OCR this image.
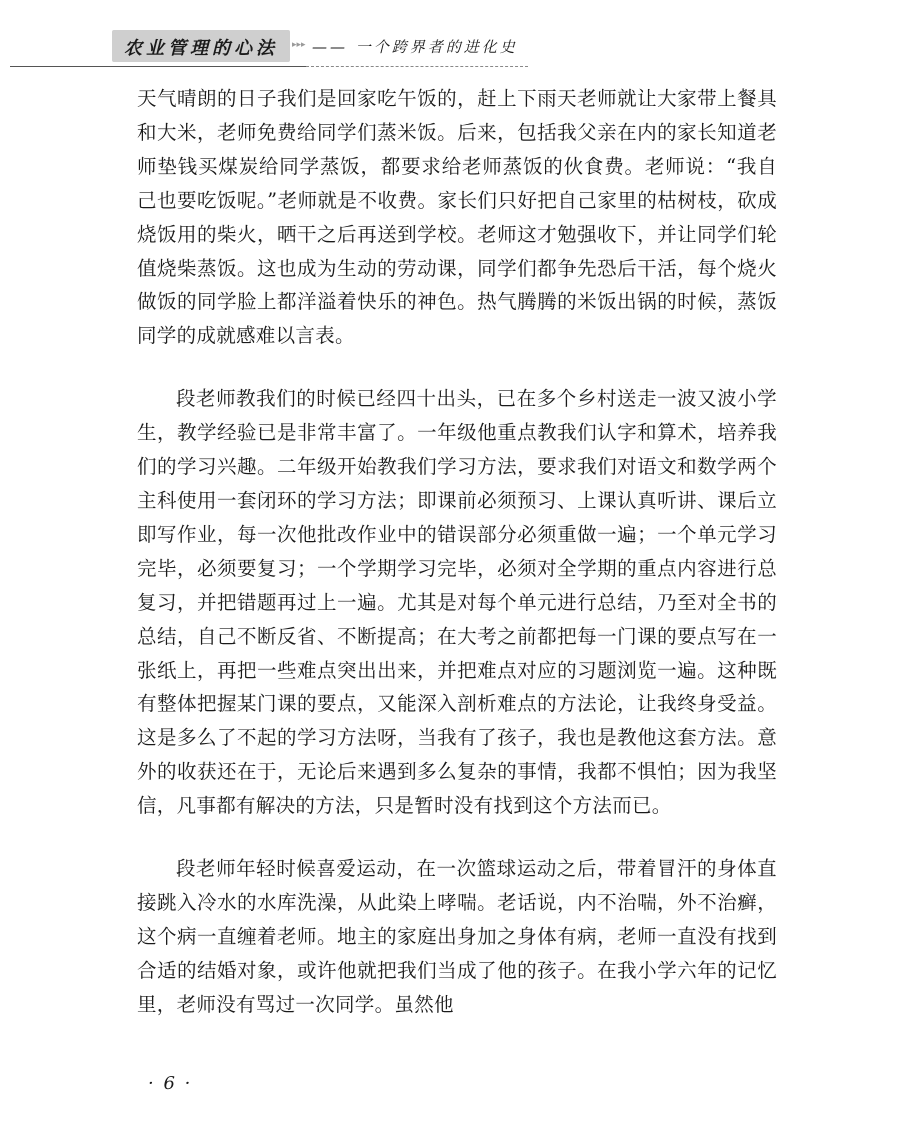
农业管理的心法 ▸▸▸ —— 一个跨界者的进化史

天气晴朗的日子我们是回家吃午饭的，赶上下雨天老师就让大家带上餐具和大米，老师免费给同学们蒸米饭。后来，包括我父亲在内的家长知道老师垫钱买煤炭给同学蒸饭，都要求给老师蒸饭的伙食费。老师说：“我自己也要吃饭呢。”老师就是不收费。家长们只好把自己家里的枯树枝，砍成烧饭用的柴火，晒干之后再送到学校。老师这才勉强收下，并让同学们轮值烧柴蒸饭。这也成为生动的劳动课，同学们都争先恐后干活，每个烧火做饭的同学脸上都洋溢着快乐的神色。热气腾腾的米饭出锅的时候，蒸饭同学的成就感难以言表。

段老师教我们的时候已经四十出头，已在多个乡村送走一波又波小学生，教学经验已是非常丰富了。一年级他重点教我们认字和算术，培养我们的学习兴趣。二年级开始教我们学习方法，要求我们对语文和数学两个主科使用一套闭环的学习方法；即课前必须预习、上课认真听讲、课后立即写作业，每一次他批改作业中的错误部分必须重做一遍；一个单元学习完毕，必须要复习；一个学期学习完毕，必须对全学期的重点内容进行总复习，并把错题再过上一遍。尤其是对每个单元进行总结，乃至对全书的总结，自己不断反省、不断提高；在大考之前都把每一门课的要点写在一张纸上，再把一些难点突出出来，并把难点对应的习题浏览一遍。这种既有整体把握某门课的要点，又能深入剖析难点的方法论，让我终身受益。这是多么了不起的学习方法呀，当我有了孩子，我也是教他这套方法。意外的收获还在于，无论后来遇到多么复杂的事情，我都不惧怕；因为我坚信，凡事都有解决的方法，只是暂时没有找到这个方法而已。

段老师年轻时候喜爱运动，在一次篮球运动之后，带着冒汗的身体直接跳入冷水的水库洗澡，从此染上哮喘。老话说，内不治喘，外不治癣，这个病一直缠着老师。地主的家庭出身加之身体有病，老师一直没有找到合适的结婚对象，或许他就把我们当成了他的孩子。在我小学六年的记忆里，老师没有骂过一次同学。虽然他

· 6 ·
